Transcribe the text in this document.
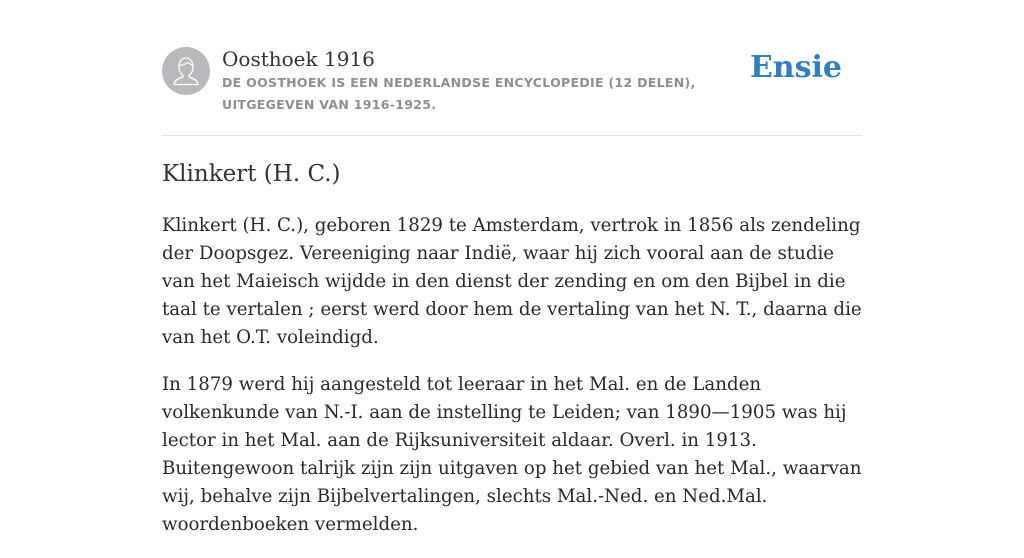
Oosthoek 1916
DE OOSTHOEK IS EEN NEDERLANDSE ENCYCLOPEDIE (12 DELEN), UITGEGEVEN VAN 1916-1925.
Ensie
Klinkert (H. C.)

Klinkert (H. C.), geboren 1829 te Amsterdam, vertrok in 1856 als zendeling der Doopsgez. Vereeniging naar Indië, waar hij zich vooral aan de studie van het Maieisch wijdde in den dienst der zending en om den Bijbel in die taal te vertalen ; eerst werd door hem de vertaling van het N. T., daarna die van het O.T. voleindigd.

In 1879 werd hij aangesteld tot leeraar in het Mal. en de Landen volkenkunde van N.-I. aan de instelling te Leiden; van 1890—1905 was hij lector in het Mal. aan de Rijksuniversiteit aldaar. Overl. in 1913. Buitengewoon talrijk zijn zijn uitgaven op het gebied van het Mal., waarvan wij, behalve zijn Bijbelvertalingen, slechts Mal.-Ned. en Ned.Mal. woordenboeken vermelden.
